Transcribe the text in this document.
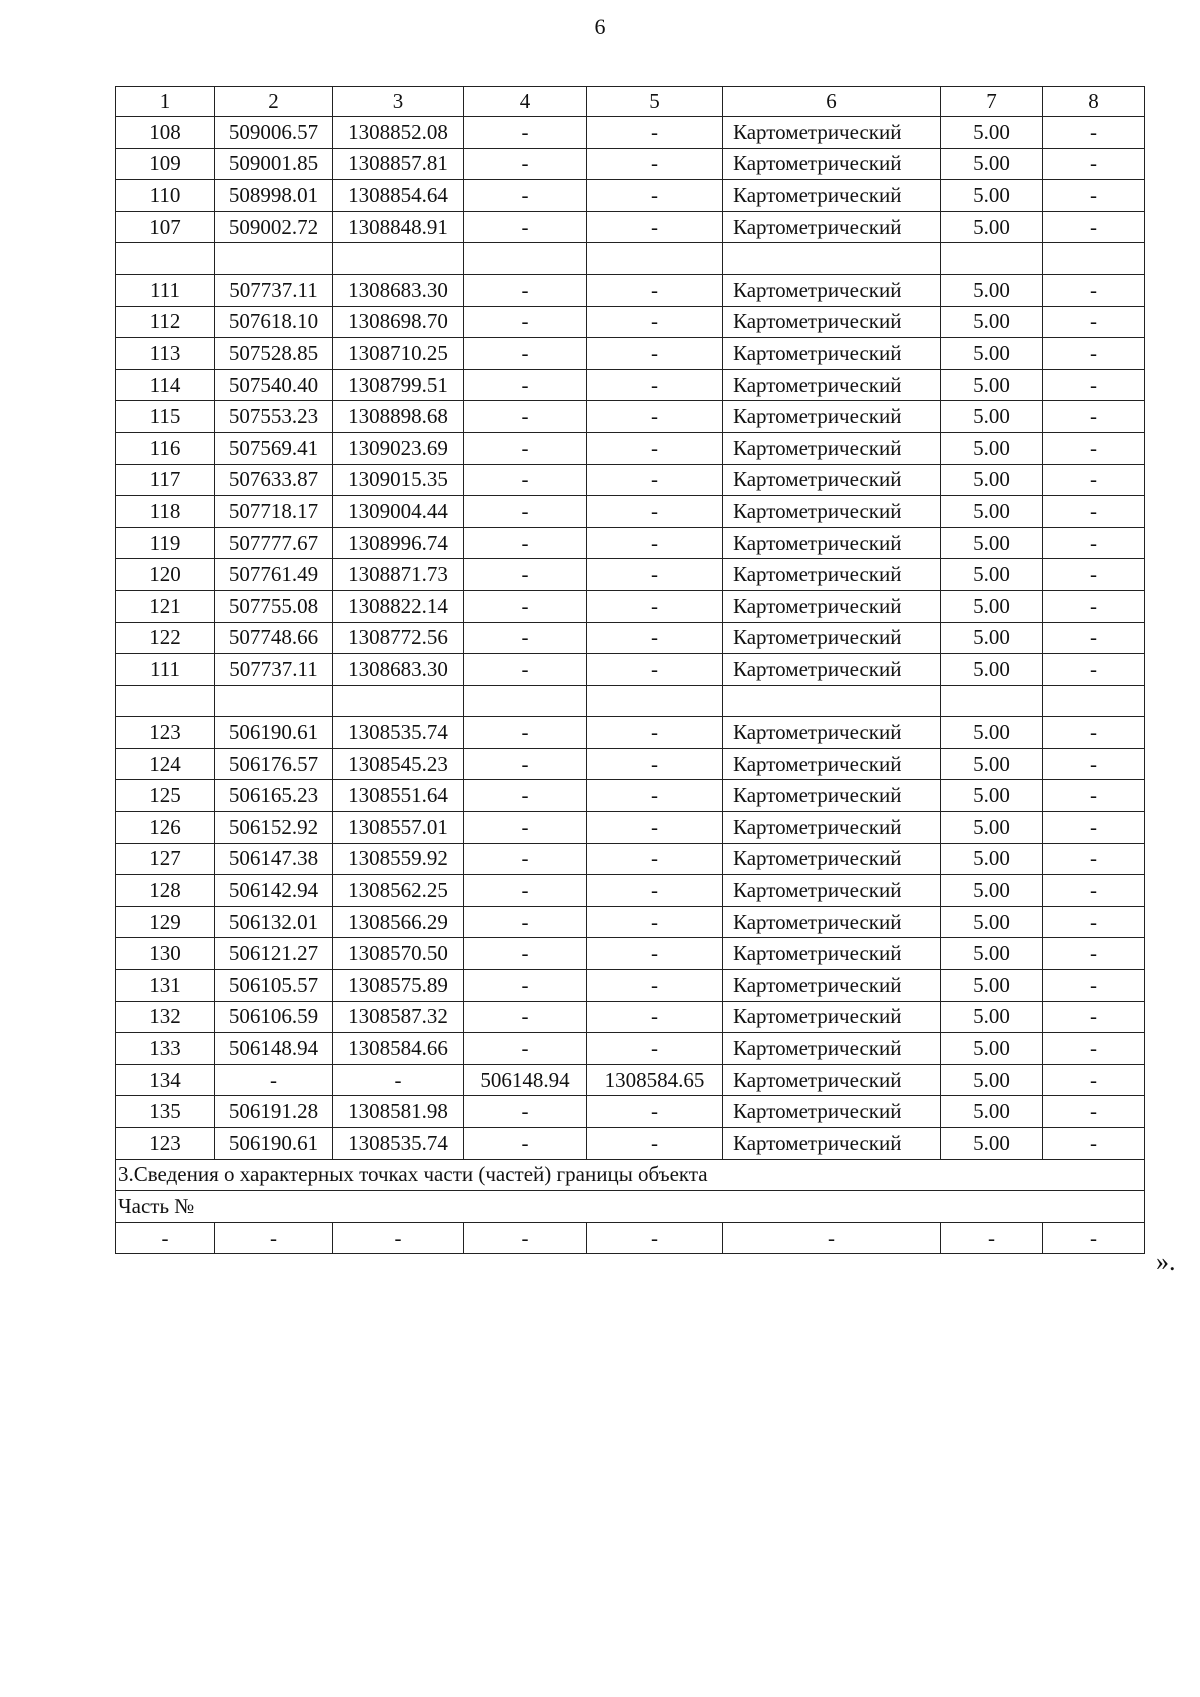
6
1	2	3	4	5	6	7	8
108	509006.57	1308852.08	-	-	Картометрический	5.00	-
109	509001.85	1308857.81	-	-	Картометрический	5.00	-
110	508998.01	1308854.64	-	-	Картометрический	5.00	-
107	509002.72	1308848.91	-	-	Картометрический	5.00	-

111	507737.11	1308683.30	-	-	Картометрический	5.00	-
112	507618.10	1308698.70	-	-	Картометрический	5.00	-
113	507528.85	1308710.25	-	-	Картометрический	5.00	-
114	507540.40	1308799.51	-	-	Картометрический	5.00	-
115	507553.23	1308898.68	-	-	Картометрический	5.00	-
116	507569.41	1309023.69	-	-	Картометрический	5.00	-
117	507633.87	1309015.35	-	-	Картометрический	5.00	-
118	507718.17	1309004.44	-	-	Картометрический	5.00	-
119	507777.67	1308996.74	-	-	Картометрический	5.00	-
120	507761.49	1308871.73	-	-	Картометрический	5.00	-
121	507755.08	1308822.14	-	-	Картометрический	5.00	-
122	507748.66	1308772.56	-	-	Картометрический	5.00	-
111	507737.11	1308683.30	-	-	Картометрический	5.00	-

123	506190.61	1308535.74	-	-	Картометрический	5.00	-
124	506176.57	1308545.23	-	-	Картометрический	5.00	-
125	506165.23	1308551.64	-	-	Картометрический	5.00	-
126	506152.92	1308557.01	-	-	Картометрический	5.00	-
127	506147.38	1308559.92	-	-	Картометрический	5.00	-
128	506142.94	1308562.25	-	-	Картометрический	5.00	-
129	506132.01	1308566.29	-	-	Картометрический	5.00	-
130	506121.27	1308570.50	-	-	Картометрический	5.00	-
131	506105.57	1308575.89	-	-	Картометрический	5.00	-
132	506106.59	1308587.32	-	-	Картометрический	5.00	-
133	506148.94	1308584.66	-	-	Картометрический	5.00	-
134	-	-	506148.94	1308584.65	Картометрический	5.00	-
135	506191.28	1308581.98	-	-	Картометрический	5.00	-
123	506190.61	1308535.74	-	-	Картометрический	5.00	-
3.Сведения о характерных точках части (частей) границы объекта							
Часть №							
-	-	-	-	-	-	-	-
».
